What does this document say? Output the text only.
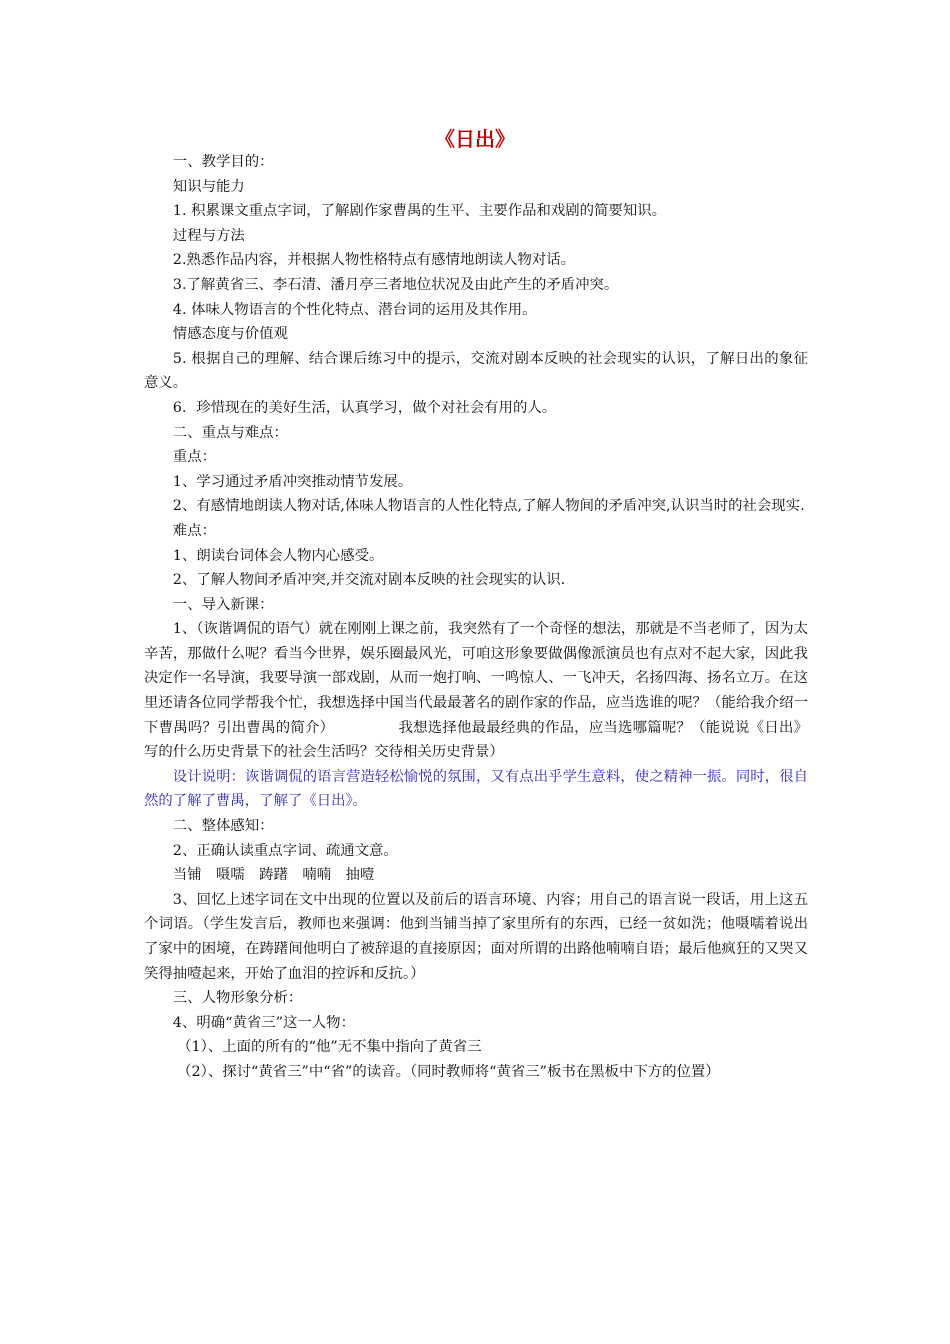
《日出》

一、教学目的：

知识与能力

1. 积累课文重点字词，了解剧作家曹禺的生平、主要作品和戏剧的简要知识。

过程与方法

2.熟悉作品内容，并根据人物性格特点有感情地朗读人物对话。

3.了解黄省三、李石清、潘月亭三者地位状况及由此产生的矛盾冲突。

4. 体味人物语言的个性化特点、潜台词的运用及其作用。

情感态度与价值观

5. 根据自己的理解、结合课后练习中的提示，交流对剧本反映的社会现实的认识，了解日出的象征意义。

6．珍惜现在的美好生活，认真学习，做个对社会有用的人。

二、重点与难点：

重点：

1、学习通过矛盾冲突推动情节发展。

2、有感情地朗读人物对话,体味人物语言的人性化特点,了解人物间的矛盾冲突,认识当时的社会现实.

难点：

1、朗读台词体会人物内心感受。

2、了解人物间矛盾冲突,并交流对剧本反映的社会现实的认识.

一、导入新课：

1、（诙谐调侃的语气）就在刚刚上课之前，我突然有了一个奇怪的想法，那就是不当老师了，因为太辛苦，那做什么呢？看当今世界，娱乐圈最风光，可咱这形象要做偶像派演员也有点对不起大家，因此我决定作一名导演，我要导演一部戏剧，从而一炮打响、一鸣惊人、一飞冲天，名扬四海、扬名立万。在这里还请各位同学帮我个忙，我想选择中国当代最最著名的剧作家的作品，应当选谁的呢？（能给我介绍一下曹禺吗？引出曹禺的简介）	我想选择他最最经典的作品，应当选哪篇呢？（能说说《日出》写的什么历史背景下的社会生活吗？交待相关历史背景）

设计说明：诙谐调侃的语言营造轻松愉悦的氛围，又有点出乎学生意料，使之精神一振。同时，很自然的了解了曹禺，了解了《日出》。

二、整体感知：

2、正确认读重点字词、疏通文意。

当铺　嗫嚅　踌躇　喃喃　抽噎

3、回忆上述字词在文中出现的位置以及前后的语言环境、内容；用自己的语言说一段话，用上这五个词语。（学生发言后，教师也来强调：他到当铺当掉了家里所有的东西，已经一贫如洗；他嗫嚅着说出了家中的困境，在踌躇间他明白了被辞退的直接原因；面对所谓的出路他喃喃自语；最后他疯狂的又哭又笑得抽噎起来，开始了血泪的控诉和反抗。）

三、人物形象分析：

4、明确“黄省三”这一人物：

（1）、上面的所有的“他”无不集中指向了黄省三

（2）、探讨“黄省三”中“省”的读音。（同时教师将“黄省三”板书在黑板中下方的位置）
